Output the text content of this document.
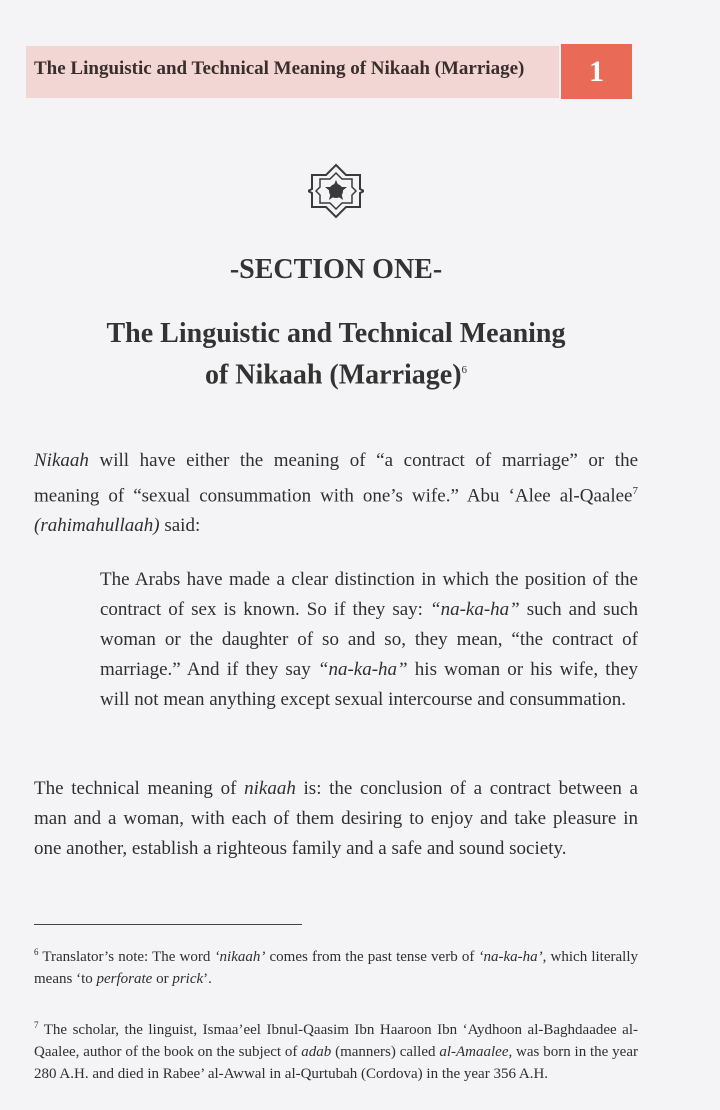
The Linguistic and Technical Meaning of Nikaah (Marriage)	1
-SECTION ONE-
The Linguistic and Technical Meaning
of Nikaah (Marriage)$^6$
Nikaah will have either the meaning of “a contract of marriage” or the meaning of “sexual consummation with one’s wife.” Abu ‘Alee al-Qaalee$^7$ (rahimahullaah) said:
The Arabs have made a clear distinction in which the position of the contract of sex is known. So if they say: “na-ka-ha” such and such woman or the daughter of so and so, they mean, “the contract of marriage.” And if they say “na-ka-ha” his woman or his wife, they will not mean anything except sexual intercourse and consummation.
The technical meaning of nikaah is: the conclusion of a contract between a man and a woman, with each of them desiring to enjoy and take pleasure in one another, establish a righteous family and a safe and sound society.
$^6$ Translator’s note: The word ‘nikaah’ comes from the past tense verb of ‘na-ka-ha’, which literally means ‘to perforate or prick’.
$^7$ The scholar, the linguist, Ismaa’eel Ibnul-Qaasim Ibn Haaroon Ibn ‘Aydhoon al-Baghdaadee al-Qaalee, author of the book on the subject of adab (manners) called al-Amaalee, was born in the year 280 A.H. and died in Rabee’ al-Awwal in al-Qurtubah (Cordova) in the year 356 A.H.
